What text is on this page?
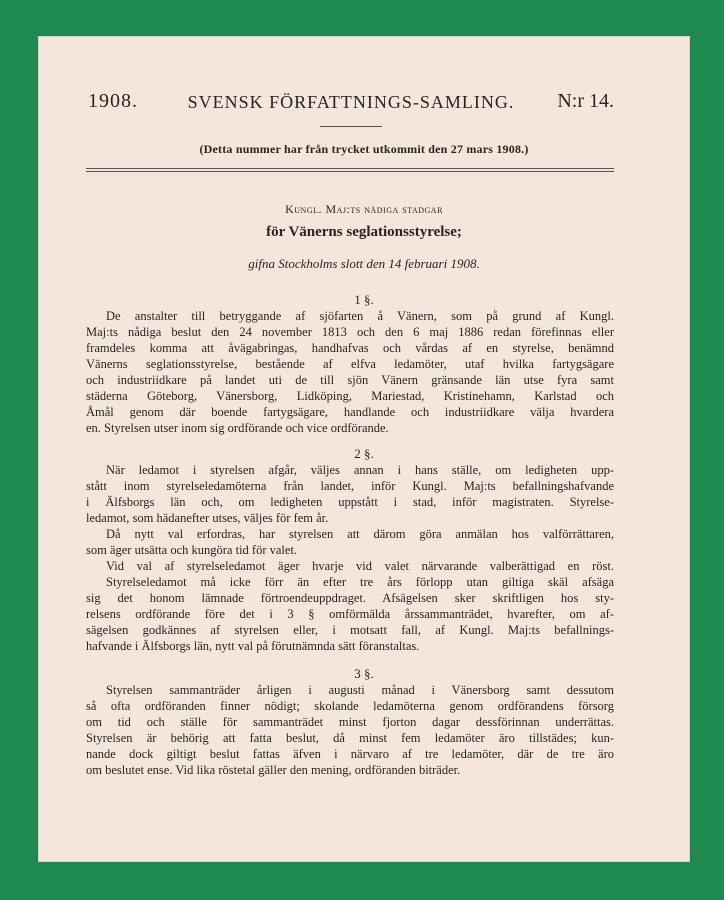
1908.	SVENSK FÖRFATTNINGS-SAMLING.	N:r 14.
(Detta nummer har från trycket utkommit den 27 mars 1908.)
Kungl. Maj:ts nådiga stadgar
för Vänerns seglationsstyrelse;
gifna Stockholms slott den 14 februari 1908.
1 §.
De anstalter till betryggande af sjöfarten å Vänern, som på grund af Kungl.
Maj:ts nådiga beslut den 24 november 1813 och den 6 maj 1886 redan förefinnas eller
framdeles komma att åvägabringas, handhafvas och vårdas af en styrelse, benämnd
Vänerns seglationsstyrelse, bestående af elfva ledamöter, utaf hvilka fartygsägare
och industriidkare på landet uti de till sjön Vänern gränsande län utse fyra samt
städerna Göteborg, Vänersborg, Lidköping, Mariestad, Kristinehamn, Karlstad och
Åmål genom där boende fartygsägare, handlande och industriidkare välja hvardera
en. Styrelsen utser inom sig ordförande och vice ordförande.
2 §.
När ledamot i styrelsen afgår, väljes annan i hans ställe, om ledigheten upp-
stått inom styrelseledamöterna från landet, inför Kungl. Maj:ts befallningshafvande
i Älfsborgs län och, om ledigheten uppstått i stad, inför magistraten. Styrelse-
ledamot, som hädanefter utses, väljes för fem år.
Då nytt val erfordras, har styrelsen att därom göra anmälan hos valförrättaren,
som äger utsätta och kungöra tid för valet.
Vid val af styrelseledamot äger hvarje vid valet närvarande valberättigad en röst.
Styrelseledamot må icke förr än efter tre års förlopp utan giltiga skäl afsäga
sig det honom lämnade förtroendeuppdraget. Afsägelsen sker skriftligen hos sty-
relsens ordförande före det i 3 § omförmälda årssammanträdet, hvarefter, om af-
sägelsen godkännes af styrelsen eller, i motsatt fall, af Kungl. Maj:ts befallnings-
hafvande i Älfsborgs län, nytt val på förutnämnda sätt föranstaltas.
3 §.
Styrelsen sammanträder årligen i augusti månad i Vänersborg samt dessutom
så ofta ordföranden finner nödigt; skolande ledamöterna genom ordförandens försorg
om tid och ställe för sammanträdet minst fjorton dagar dessförinnan underrättas.
Styrelsen är behörig att fatta beslut, då minst fem ledamöter äro tillstädes; kun-
nande dock giltigt beslut fattas äfven i närvaro af tre ledamöter, där de tre äro
om beslutet ense. Vid lika röstetal gäller den mening, ordföranden biträder.
